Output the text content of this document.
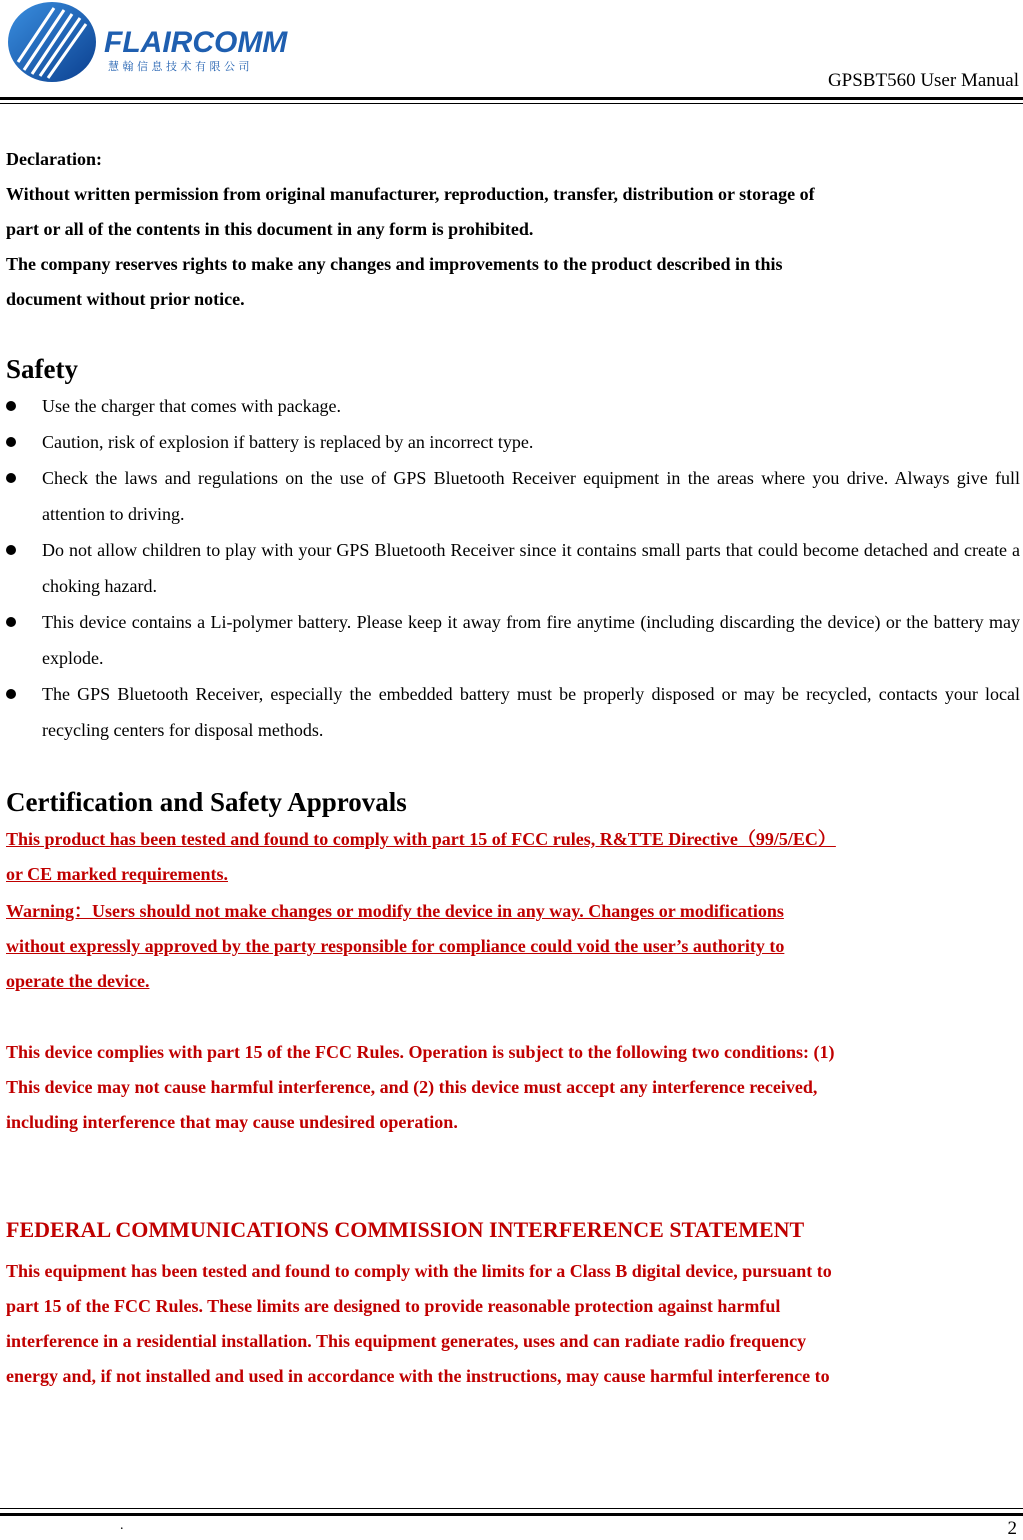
FLAIRCOMM
慧 翰 信 息 技 术 有 限 公 司
GPSBT560 User Manual

Declaration:

Without written permission from original manufacturer, reproduction, transfer, distribution or storage of

part or all of the contents in this document in any form is prohibited.

The company reserves rights to make any changes and improvements to the product described in this

document without prior notice.

Safety

Use the charger that comes with package.
Caution, risk of explosion if battery is replaced by an incorrect type.
Check the laws and regulations on the use of GPS Bluetooth Receiver equipment in the areas where you drive. Always give full attention to driving.
Do not allow children to play with your GPS Bluetooth Receiver since it contains small parts that could become detached and create a choking hazard.
This device contains a Li-polymer battery. Please keep it away from fire anytime (including discarding the device) or the battery may explode.
The GPS Bluetooth Receiver, especially the embedded battery must be properly disposed or may be recycled, contacts your local recycling centers for disposal methods.

Certification and Safety Approvals

This product has been tested and found to comply with part 15 of FCC rules, R&TTE Directive（99/5/EC）

or CE marked requirements.

Warning：Users should not make changes or modify the device in any way. Changes or modifications

without expressly approved by the party responsible for compliance could void the user’s authority to

operate the device.

This device complies with part 15 of the FCC Rules. Operation is subject to the following two conditions: (1)

This device may not cause harmful interference, and (2) this device must accept any interference received,

including interference that may cause undesired operation.

FEDERAL COMMUNICATIONS COMMISSION INTERFERENCE STATEMENT

This equipment has been tested and found to comply with the limits for a Class B digital device, pursuant to

part 15 of the FCC Rules. These limits are designed to provide reasonable protection against harmful

interference in a residential installation. This equipment generates, uses and can radiate radio frequency

energy and, if not installed and used in accordance with the instructions, may cause harmful interference to

.	2
